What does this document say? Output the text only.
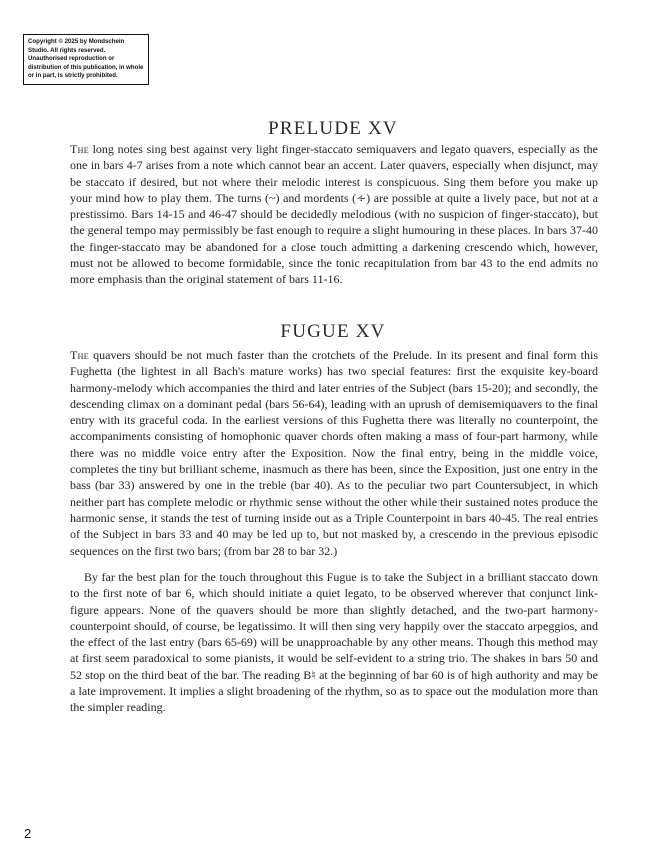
Copyright © 2025 by Mondschein Studio. All rights reserved. Unauthorised reproduction or distribution of this publication, in whole or in part, is strictly prohibited.
PRELUDE XV

The long notes sing best against very light finger-staccato semiquavers and legato quavers, especially as the one in bars 4-7 arises from a note which cannot bear an accent. Later quavers, especially when disjunct, may be staccato if desired, but not where their melodic interest is conspicuous. Sing them before you make up your mind how to play them. The turns (~) and mordents (∻) are possible at quite a lively pace, but not at a prestissimo. Bars 14-15 and 46-47 should be decidedly melodious (with no suspicion of finger-staccato), but the general tempo may permissibly be fast enough to require a slight humouring in these places. In bars 37-40 the finger-staccato may be abandoned for a close touch admitting a darkening crescendo which, however, must not be allowed to become formidable, since the tonic recapitulation from bar 43 to the end admits no more emphasis than the original statement of bars 11-16.

FUGUE XV

The quavers should be not much faster than the crotchets of the Prelude. In its present and final form this Fughetta (the lightest in all Bach's mature works) has two special features: first the exquisite key-board harmony-melody which accompanies the third and later entries of the Subject (bars 15-20); and secondly, the descending climax on a dominant pedal (bars 56-64), leading with an uprush of demisemiquavers to the final entry with its graceful coda. In the earliest versions of this Fughetta there was literally no counterpoint, the accompaniments consisting of homophonic quaver chords often making a mass of four-part harmony, while there was no middle voice entry after the Exposition. Now the final entry, being in the middle voice, completes the tiny but brilliant scheme, inasmuch as there has been, since the Exposition, just one entry in the bass (bar 33) answered by one in the treble (bar 40). As to the peculiar two part Countersubject, in which neither part has complete melodic or rhythmic sense without the other while their sustained notes produce the harmonic sense, it stands the test of turning inside out as a Triple Counterpoint in bars 40-45. The real entries of the Subject in bars 33 and 40 may be led up to, but not masked by, a crescendo in the previous episodic sequences on the first two bars; (from bar 28 to bar 32.)

By far the best plan for the touch throughout this Fugue is to take the Subject in a brilliant staccato down to the first note of bar 6, which should initiate a quiet legato, to be observed wherever that conjunct link-figure appears. None of the quavers should be more than slightly detached, and the two-part harmony-counterpoint should, of course, be legatissimo. It will then sing very happily over the staccato arpeggios, and the effect of the last entry (bars 65-69) will be unapproachable by any other means. Though this method may at first seem paradoxical to some pianists, it would be self-evident to a string trio. The shakes in bars 50 and 52 stop on the third beat of the bar. The reading B♮ at the beginning of bar 60 is of high authority and may be a late improvement. It implies a slight broadening of the rhythm, so as to space out the modulation more than the simpler reading.

2
